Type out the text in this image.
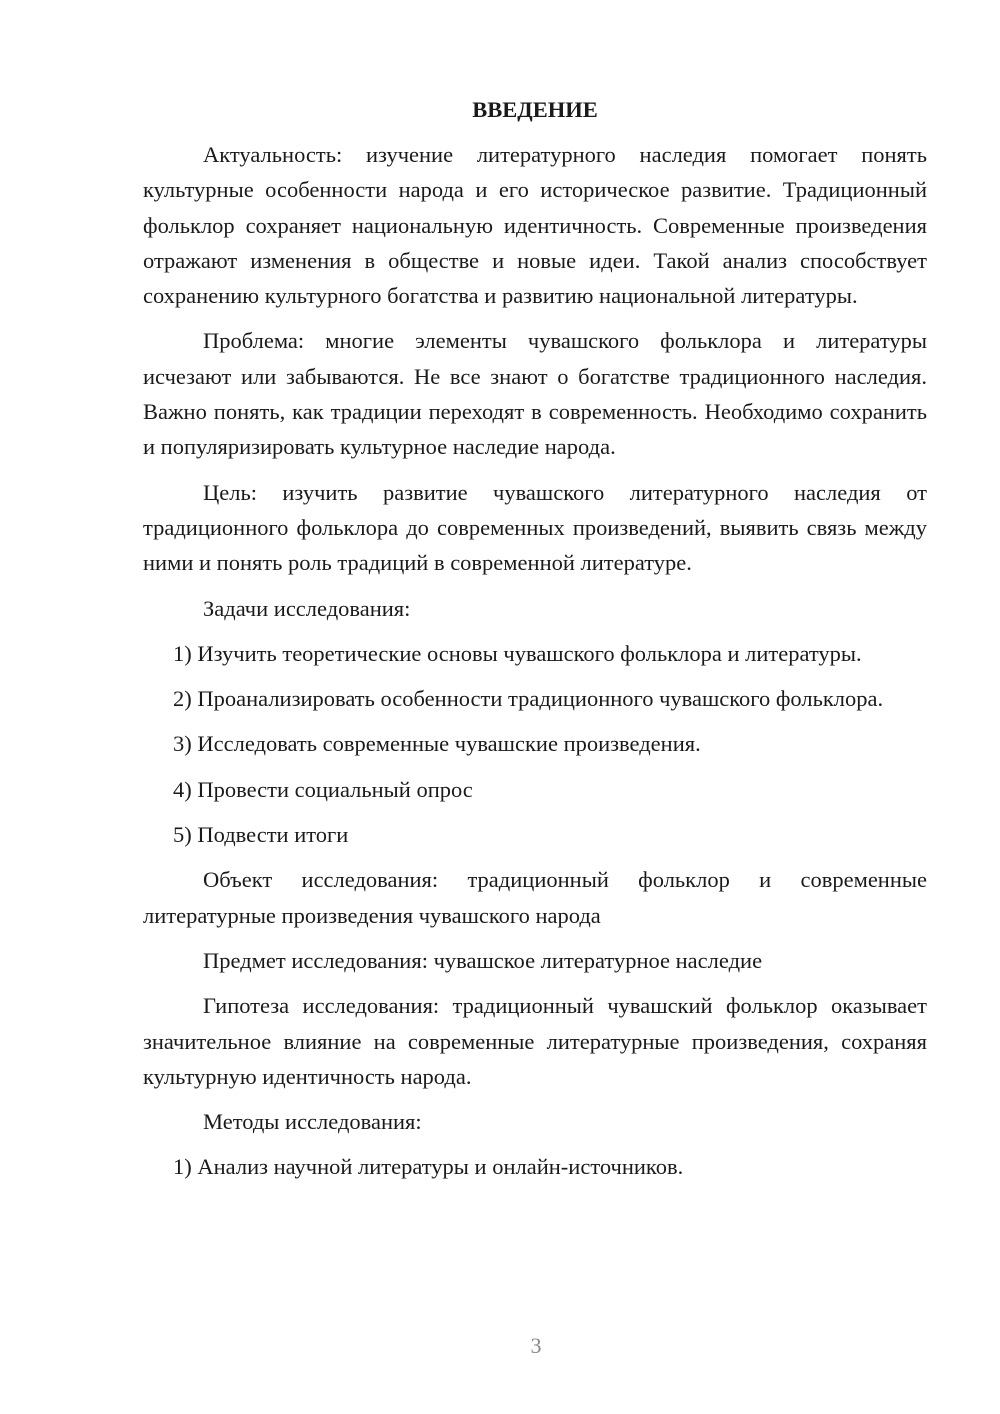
ВВЕДЕНИЕ

Актуальность: изучение литературного наследия помогает понять культурные особенности народа и его историческое развитие. Традиционный фольклор сохраняет национальную идентичность. Современные произведения отражают изменения в обществе и новые идеи. Такой анализ способствует сохранению культурного богатства и развитию национальной литературы.

Проблема: многие элементы чувашского фольклора и литературы исчезают или забываются. Не все знают о богатстве традиционного наследия. Важно понять, как традиции переходят в современность. Необходимо сохранить и популяризировать культурное наследие народа.

Цель: изучить развитие чувашского литературного наследия от традиционного фольклора до современных произведений, выявить связь между ними и понять роль традиций в современной литературе.

Задачи исследования:

1) Изучить теоретические основы чувашского фольклора и литературы.

2) Проанализировать особенности традиционного чувашского фольклора.

3) Исследовать современные чувашские произведения.

4) Провести социальный опрос

5) Подвести итоги

Объект исследования: традиционный фольклор и современные литературные произведения чувашского народа

Предмет исследования: чувашское литературное наследие

Гипотеза исследования: традиционный чувашский фольклор оказывает значительное влияние на современные литературные произведения, сохраняя культурную идентичность народа.

Методы исследования:

1) Анализ научной литературы и онлайн-источников.

3
